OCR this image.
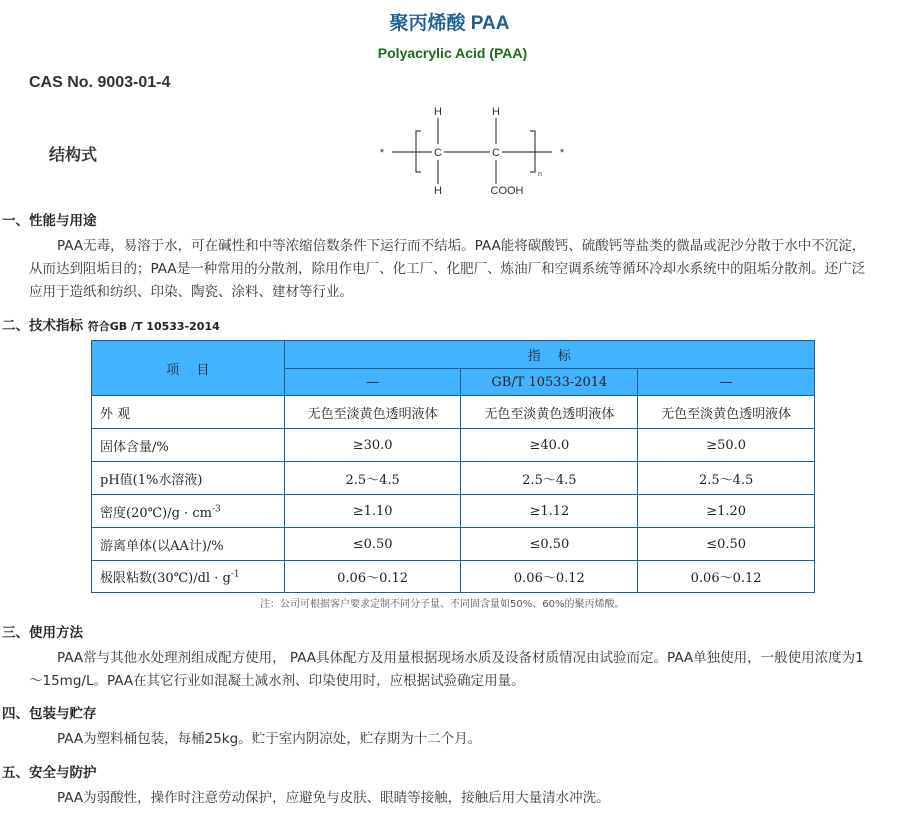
聚丙烯酸 PAA
Polyacrylic Acid (PAA)
CAS No. 9003-01-4
结构式	*	*
H
C
H
H
C
COOH
n
一、性能与用途
PAA无毒，易溶于水，可在碱性和中等浓缩倍数条件下运行而不结垢。PAA能将碳酸钙、硫酸钙等盐类的微晶或泥沙分散于水中不沉淀，从而达到阻垢目的；PAA是一种常用的分散剂，除用作电厂、化工厂、化肥厂、炼油厂和空调系统等循环冷却水系统中的阻垢分散剂。还广泛应用于造纸和纺织、印染、陶瓷、涂料、建材等行业。
二、技术指标 符合GB /T 10533-2014
项　 目	指　 标		
	—	GB/T 10533-2014	—
外 观	无色至淡黄色透明液体	无色至淡黄色透明液体	无色至淡黄色透明液体
固体含量/%	≥30.0	≥40.0	≥50.0
pH值(1%水溶液)	2.5～4.5	2.5～4.5	2.5～4.5
密度(20℃)/g · $cm^{-3}$	≥1.10	≥1.12	≥1.20
游离单体(以AA计)/%	≤0.50	≤0.50	≤0.50
极限粘数(30℃)/dl · $g^{-1}$	0.06～0.12	0.06～0.12	0.06～0.12
注：公司可根据客户要求定制不同分子量、不同固含量如50%、60%的聚丙烯酸。
三、使用方法
PAA常与其他水处理剂组成配方使用， PAA具体配方及用量根据现场水质及设备材质情况由试验而定。PAA单独使用，一般使用浓度为1～15mg/L。PAA在其它行业如混凝土减水剂、印染使用时，应根据试验确定用量。
四、包装与贮存
PAA为塑料桶包装，每桶25kg。贮于室内阴凉处，贮存期为十二个月。
五、安全与防护
PAA为弱酸性，操作时注意劳动保护，应避免与皮肤、眼睛等接触，接触后用大量清水冲洗。
